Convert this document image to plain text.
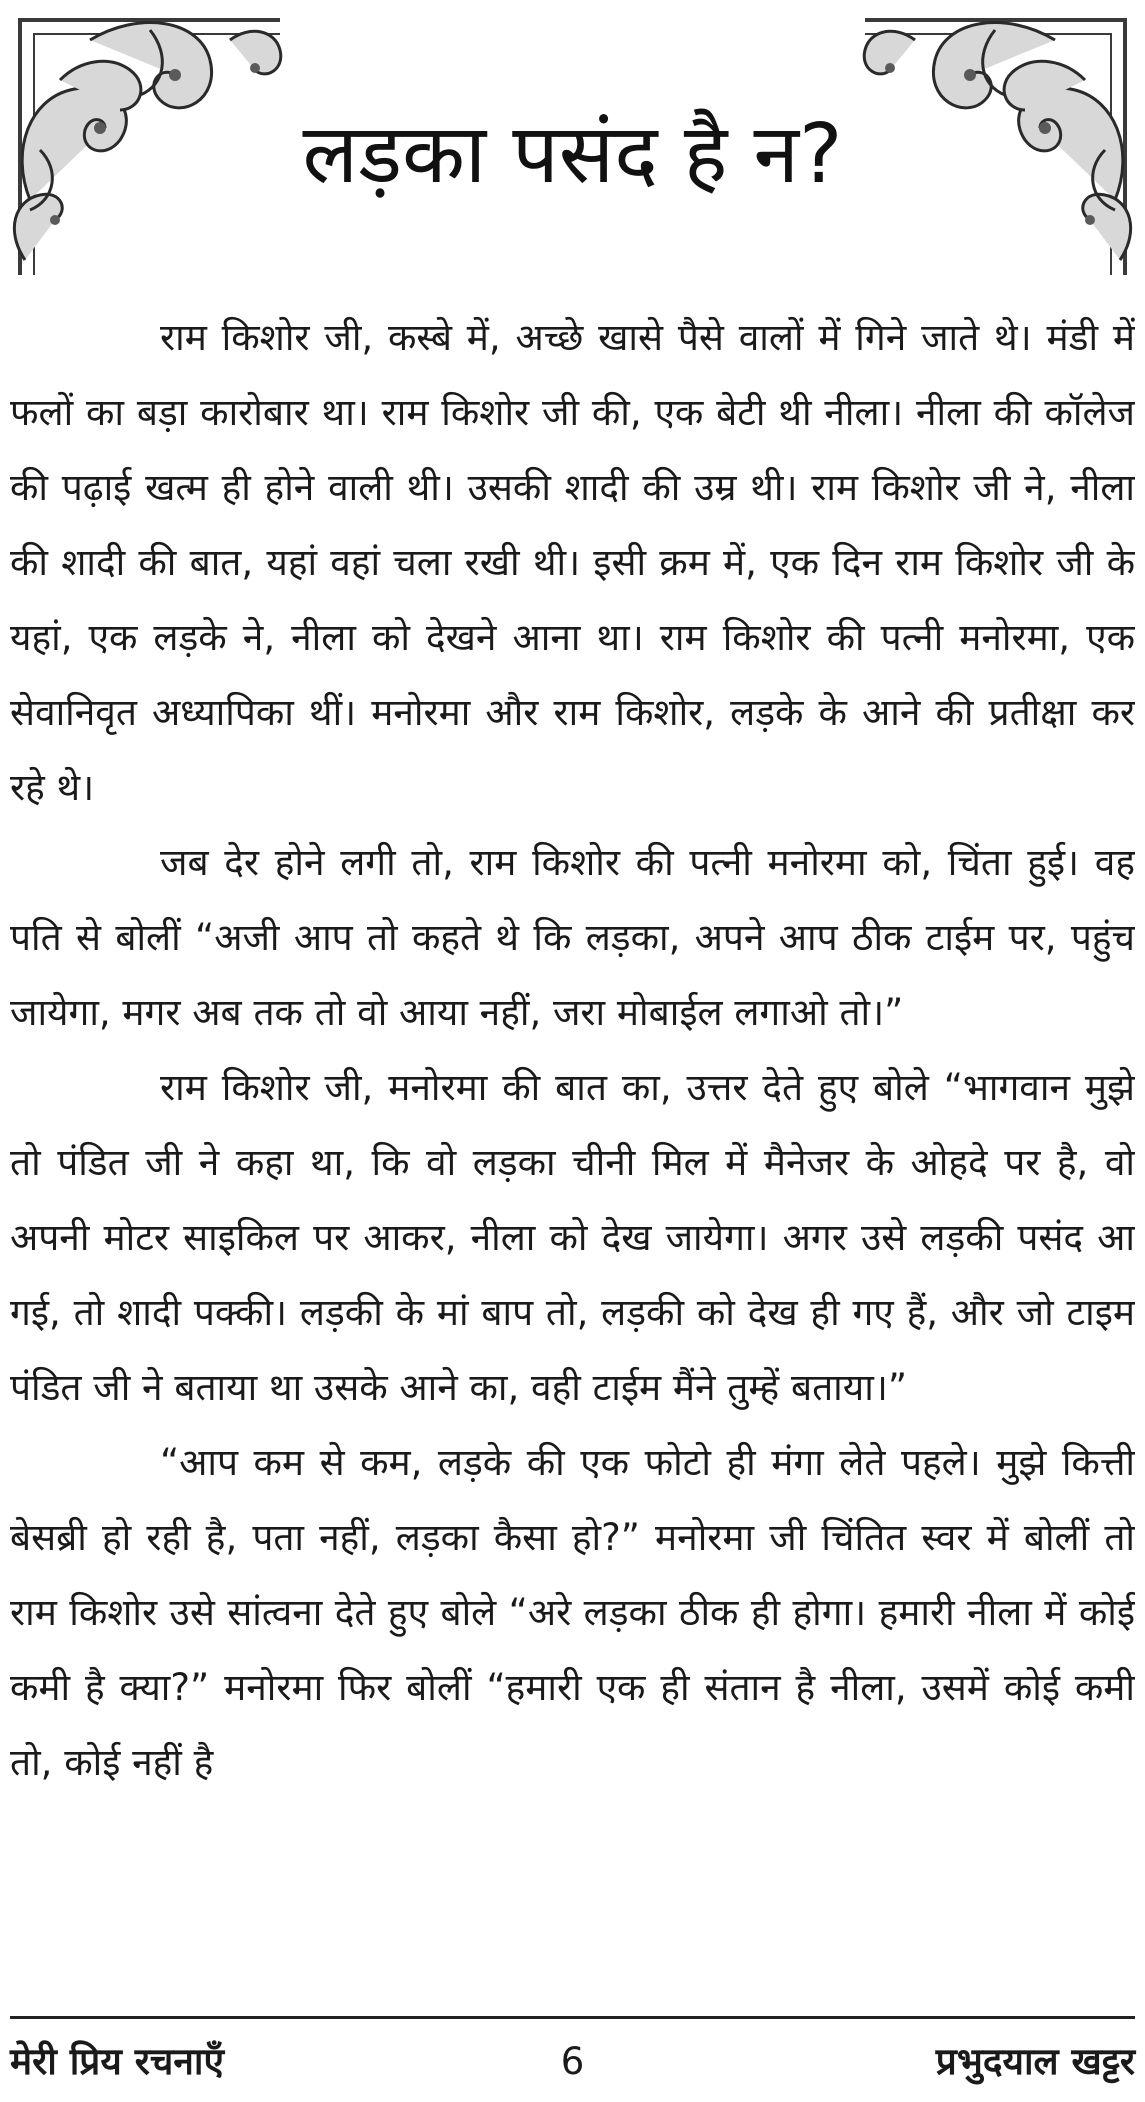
लड़का पसंद है न?

राम किशोर जी, कस्बे में, अच्छे खासे पैसे वालों में गिने जाते थे। मंडी में फलों का बड़ा कारोबार था। राम किशोर जी की, एक बेटी थी नीला। नीला की कॉलेज की पढ़ाई खत्म ही होने वाली थी। उसकी शादी की उम्र थी। राम किशोर जी ने, नीला की शादी की बात, यहां वहां चला रखी थी। इसी क्रम में, एक दिन राम किशोर जी के यहां, एक लड़के ने, नीला को देखने आना था। राम किशोर की पत्नी मनोरमा, एक सेवानिवृत अध्यापिका थीं। मनोरमा और राम किशोर, लड़के के आने की प्रतीक्षा कर रहे थे।

जब देर होने लगी तो, राम किशोर की पत्नी मनोरमा को, चिंता हुई। वह पति से बोलीं “अजी आप तो कहते थे कि लड़का, अपने आप ठीक टाईम पर, पहुंच जायेगा, मगर अब तक तो वो आया नहीं, जरा मोबाईल लगाओ तो।”

राम किशोर जी, मनोरमा की बात का, उत्तर देते हुए बोले “भागवान मुझे तो पंडित जी ने कहा था, कि वो लड़का चीनी मिल में मैनेजर के ओहदे पर है, वो अपनी मोटर साइकिल पर आकर, नीला को देख जायेगा। अगर उसे लड़की पसंद आ गई, तो शादी पक्की। लड़की के मां बाप तो, लड़की को देख ही गए हैं, और जो टाइम पंडित जी ने बताया था उसके आने का, वही टाईम मैंने तुम्हें बताया।”

“आप कम से कम, लड़के की एक फोटो ही मंगा लेते पहले। मुझे कित्ती बेसब्री हो रही है, पता नहीं, लड़का कैसा हो?” मनोरमा जी चिंतित स्वर में बोलीं तो राम किशोर उसे सांत्वना देते हुए बोले “अरे लड़का ठीक ही होगा। हमारी नीला में कोई कमी है क्या?” मनोरमा फिर बोलीं “हमारी एक ही संतान है नीला, उसमें कोई कमी तो, कोई नहीं है

मेरी प्रिय रचनाएँ	6	प्रभुदयाल खट्टर
